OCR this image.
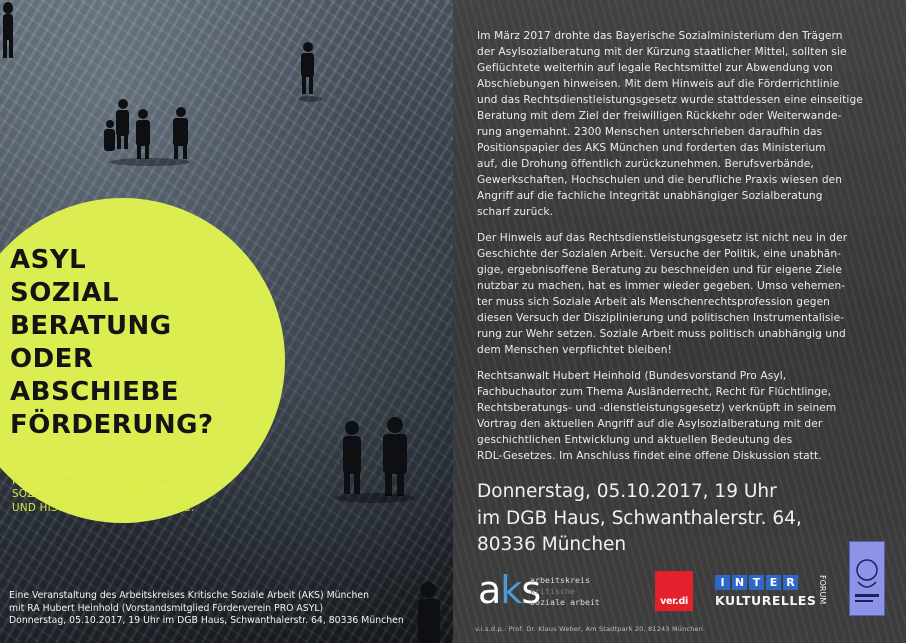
ASYL
SOZIAL
BERATUNG
ODER
ABSCHIEBE
FÖRDERUNG?
VERSUCHE DER POLITISCHEN
NUTZBARMACHUNG UNABHÄNGIGER
SOZIALBERATUNG - EINE AKTUELLE
UND HISTORISCHE EINORDNUNG.
Eine Veranstaltung des Arbeitskreises Kritische Soziale Arbeit (AKS) München
mit RA Hubert Heinhold (Vorstandsmitglied Förderverein PRO ASYL)
Donnerstag, 05.10.2017, 19 Uhr im DGB Haus, Schwanthalerstr. 64, 80336 München

Im März 2017 drohte das Bayerische Sozialministerium den Trägern
der Asylsozialberatung mit der Kürzung staatlicher Mittel, sollten sie
Geflüchtete weiterhin auf legale Rechtsmittel zur Abwendung von
Abschiebungen hinweisen. Mit dem Hinweis auf die Förderrichtlinie
und das Rechtsdienstleistungsgesetz wurde stattdessen eine einseitige
Beratung mit dem Ziel der freiwilligen Rückkehr oder Weiterwande-
rung angemahnt. 2300 Menschen unterschrieben daraufhin das
Positionspapier des AKS München und forderten das Ministerium
auf, die Drohung öffentlich zurückzunehmen. Berufsverbände,
Gewerkschaften, Hochschulen und die berufliche Praxis wiesen den
Angriff auf die fachliche Integrität unabhängiger Sozialberatung
scharf zurück.

Der Hinweis auf das Rechtsdienstleistungsgesetz ist nicht neu in der
Geschichte der Sozialen Arbeit. Versuche der Politik, eine unabhän-
gige, ergebnisoffene Beratung zu beschneiden und für eigene Ziele
nutzbar zu machen, hat es immer wieder gegeben. Umso vehemen-
ter muss sich Soziale Arbeit als Menschenrechtsprofession gegen
diesen Versuch der Disziplinierung und politischen Instrumentalisie-
rung zur Wehr setzen. Soziale Arbeit muss politisch unabhängig und
dem Menschen verpflichtet bleiben!

Rechtsanwalt Hubert Heinhold (Bundesvorstand Pro Asyl,
Fachbuchautor zum Thema Ausländerrecht, Recht für Flüchtlinge,
Rechtsberatungs- und -dienstleistungsgesetz) verknüpft in seinem
Vortrag den aktuellen Angriff auf die Asylsozialberatung mit der
geschichtlichen Entwicklung und aktuellen Bedeutung des
RDL-Gesetzes. Im Anschluss findet eine offene Diskussion statt.

Donnerstag, 05.10.2017, 19 Uhr
im DGB Haus, Schwanthalerstr. 64,
80336 München
aks
arbeitskreis
kritische
soziale arbeit	ver.di
I N T E R
KULTURELLES FORUM
v.i.s.d.p.: Prof. Dr. Klaus Weber, Am Stadtpark 20, 81243 München
